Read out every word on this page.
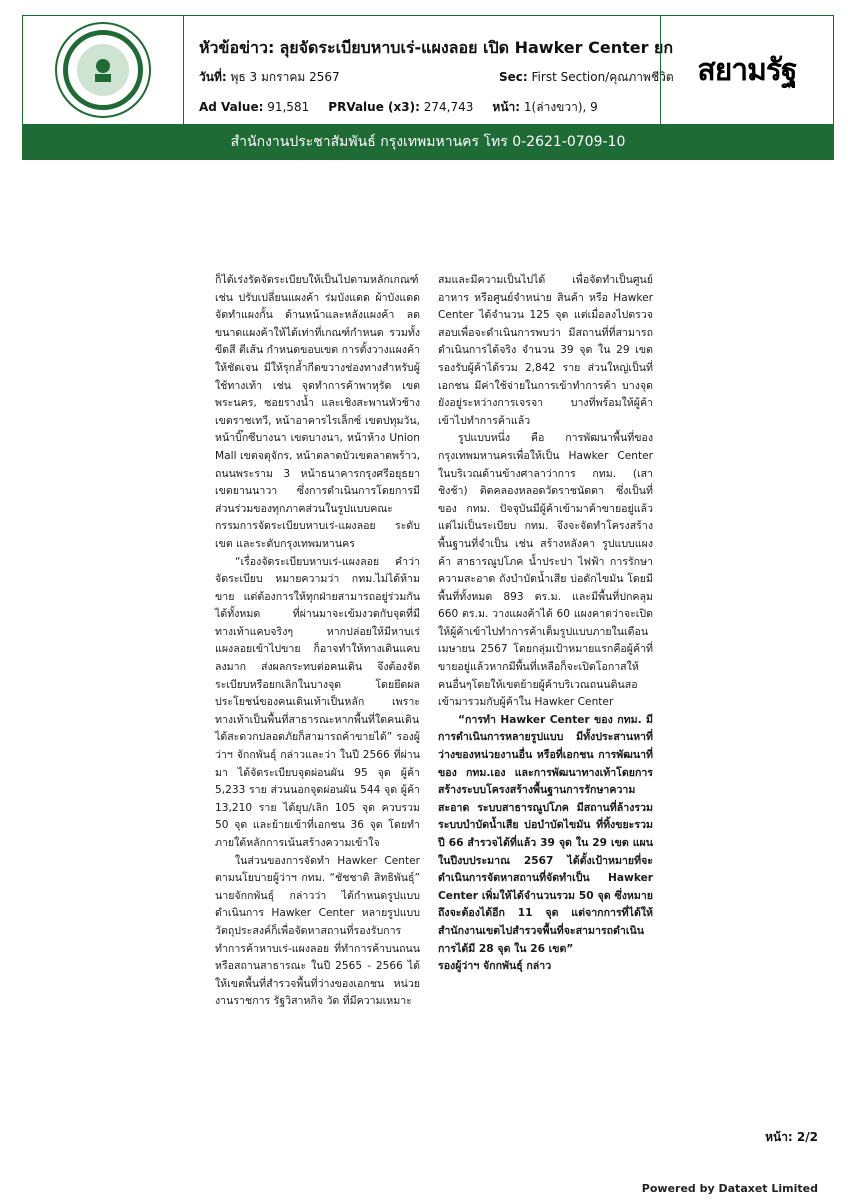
หัวข้อข่าว: ลุยจัดระเบียบหาบเร่-แผงลอย เปิด Hawker Center ยก
วันที่: พุธ 3 มกราคม 2567	Sec: First Section/คุณภาพชีวิต
Ad Value: 91,581 PRValue (x3): 274,743 หน้า: 1(ล่างขวา), 9
สยามรัฐ
สำนักงานประชาสัมพันธ์ กรุงเทพมหานคร โทร 0-2621-0709-10

ก็ได้เร่งรัดจัดระเบียบให้เป็นไปตามหลักเกณฑ์ เช่น ปรับเปลี่ยนแผงค้า ร่มบังแดด ผ้าบังแดด จัดทำแผงกั้น ด้านหน้าและหลังแผงค้า ลดขนาดแผงค้าให้ได้เท่าที่เกณฑ์กำหนด รวมทั้งขีดสี ตีเส้น กำหนดขอบเขต การตั้งวางแผงค้าให้ชัดเจน มีให้รุกล้ำกีดขวางช่องทางสำหรับผู้ใช้ทางเท้า เช่น จุดทำการค้าพาหุรัด เขตพระนคร, ซอยรางน้ำ และเชิงสะพานหัวช้าง เขตราชเทวี, หน้าอาคารไรเล็กซ์ เขตปทุมวัน, หน้าบิ๊กซีบางนา เขตบางนา, หน้าห้าง Union Mall เขตจตุจักร, หน้าตลาดบัวเขตลาดพร้าว, ถนนพระราม 3 หน้าธนาคารกรุงศรีอยุธยา เขตยานนาวา ซึ่งการดำเนินการโดยการมีส่วนร่วมของทุกภาคส่วนในรูปแบบคณะกรรมการจัดระเบียบหาบเร่-แผงลอย ระดับเขต และระดับกรุงเทพมหานคร

“เรื่องจัดระเบียบหาบเร่-แผงลอย คำว่าจัดระเบียบ หมายความว่า กทม.ไม่ได้ห้ามขาย แต่ต้องการให้ทุกฝ่ายสามารถอยู่ร่วมกันได้ทั้งหมด ที่ผ่านมาจะเข้มงวดกับจุดที่มีทางเท้าแคบจริงๆ หากปล่อยให้มีหาบเร่แผงลอยเข้าไปขาย ก็อาจทำให้ทางเดินแคบลงมาก ส่งผลกระทบต่อคนเดิน จึงต้องจัดระเบียบหรือยกเลิกในบางจุด โดยยึดผลประโยชน์ของคนเดินเท้าเป็นหลัก เพราะทางเท้าเป็นพื้นที่สาธารณะหากพื้นที่ใดคนเดินได้สะดวกปลอดภัยก็สามารถค้าขายได้” รองผู้ว่าฯ จักกพันธุ์ กล่าวและว่า ในปี 2566 ที่ผ่านมา ได้จัดระเบียบจุดผ่อนผัน 95 จุด ผู้ค้า 5,233 ราย ส่วนนอกจุดผ่อนผัน 544 จุด ผู้ค้า 13,210 ราย ได้ยุบ/เลิก 105 จุด ควบรวม 50 จุด และย้ายเข้าที่เอกชน 36 จุด โดยทำภายใต้หลักการเน้นสร้างความเข้าใจ

ในส่วนของการจัดทำ Hawker Center ตามนโยบายผู้ว่าฯ กทม. “ชัชชาติ สิทธิพันธุ์” นายจักกพันธุ์ กล่าวว่า ได้กำหนดรูปแบบดำเนินการ Hawker Center หลายรูปแบบ วัตถุประสงค์ก็เพื่อจัดหาสถานที่รองรับการทำการค้าหาบเร่-แผงลอย ที่ทำการค้าบนถนนหรือสถานสาธารณะ ในปี 2565 - 2566 ได้ให้เขตพื้นที่สำรวจพื้นที่ว่างของเอกชน หน่วยงานราชการ รัฐวิสาหกิจ วัด ที่มีความเหมาะ

สมและมีความเป็นไปได้ เพื่อจัดทำเป็นศูนย์อาหาร หรือศูนย์จำหน่าย สินค้า หรือ Hawker Center ได้จำนวน 125 จุด แต่เมื่อลงไปตรวจสอบเพื่อจะดำเนินการพบว่า มีสถานที่ที่สามารถดำเนินการได้จริง จำนวน 39 จุด ใน 29 เขต รองรับผู้ค้าได้รวม 2,842 ราย ส่วนใหญ่เป็นที่เอกชน มีค่าใช้จ่ายในการเข้าทำการค้า บางจุดยังอยู่ระหว่างการเจรจา บางที่พร้อมให้ผู้ค้าเข้าไปทำการค้าแล้ว

รูปแบบหนึ่ง คือ การพัฒนาพื้นที่ของกรุงเทพมหานครเพื่อให้เป็น Hawker Center ในบริเวณด้านข้างศาลาว่าการ กทม. (เสาชิงช้า) ติดคลองหลอดวัดราชนัดดา ซึ่งเป็นที่ของ กทม. ปัจจุบันมีผู้ค้าเข้ามาค้าขายอยู่แล้วแต่ไม่เป็นระเบียบ กทม. จึงจะจัดทำโครงสร้างพื้นฐานที่จำเป็น เช่น สร้างหลังคา รูปแบบแผงค้า สาธารณูปโภค น้ำประปา ไฟฟ้า การรักษาความสะอาด ถังบำบัดน้ำเสีย บ่อดักไขมัน โดยมีพื้นที่ทั้งหมด 893 ตร.ม. และมีพื้นที่ปกคลุม 660 ตร.ม. วางแผงค้าได้ 60 แผงคาดว่าจะเปิดให้ผู้ค้าเข้าไปทำการค้าเต็มรูปแบบภายในเดือนเมษายน 2567 โดยกลุ่มเป้าหมายแรกคือผู้ค้าที่ขายอยู่แล้วหากมีพื้นที่เหลือก็จะเปิดโอกาสให้คนอื่นๆโดยให้เขตย้ายผู้ค้าบริเวณถนนดินสอเข้ามารวมกับผู้ค้าใน Hawker Center

“การทำ Hawker Center ของ กทม. มีการดำเนินการหลายรูปแบบ มีทั้งประสานหาที่ว่างของหน่วยงานอื่น หรือที่เอกชน การพัฒนาที่ของ กทม.เอง และการพัฒนาทางเท้าโดยการสร้างระบบโครงสร้างพื้นฐานการรักษาความสะอาด ระบบสาธารณูปโภค มีสถานที่ล้างรวม ระบบบำบัดน้ำเสีย บ่อบำบัดไขมัน ที่ทิ้งขยะรวม ปี 66 สำรวจได้ที่แล้ว 39 จุด ใน 29 เขต แผนในปีงบประมาณ 2567 ได้ตั้งเป้าหมายที่จะดำเนินการจัดหาสถานที่จัดทำเป็น Hawker Center เพิ่มให้ได้จำนวนรวม 50 จุด ซึ่งหมายถึงจะต้องได้อีก 11 จุด แต่จากการที่ได้ให้สำนักงานเขตไปสำรวจพื้นที่จะสามารถดำเนินการได้มี 28 จุด ใน 26 เขต”

รองผู้ว่าฯ จักกพันธุ์ กล่าว

หน้า: 2/2
Powered by Dataxet Limited
